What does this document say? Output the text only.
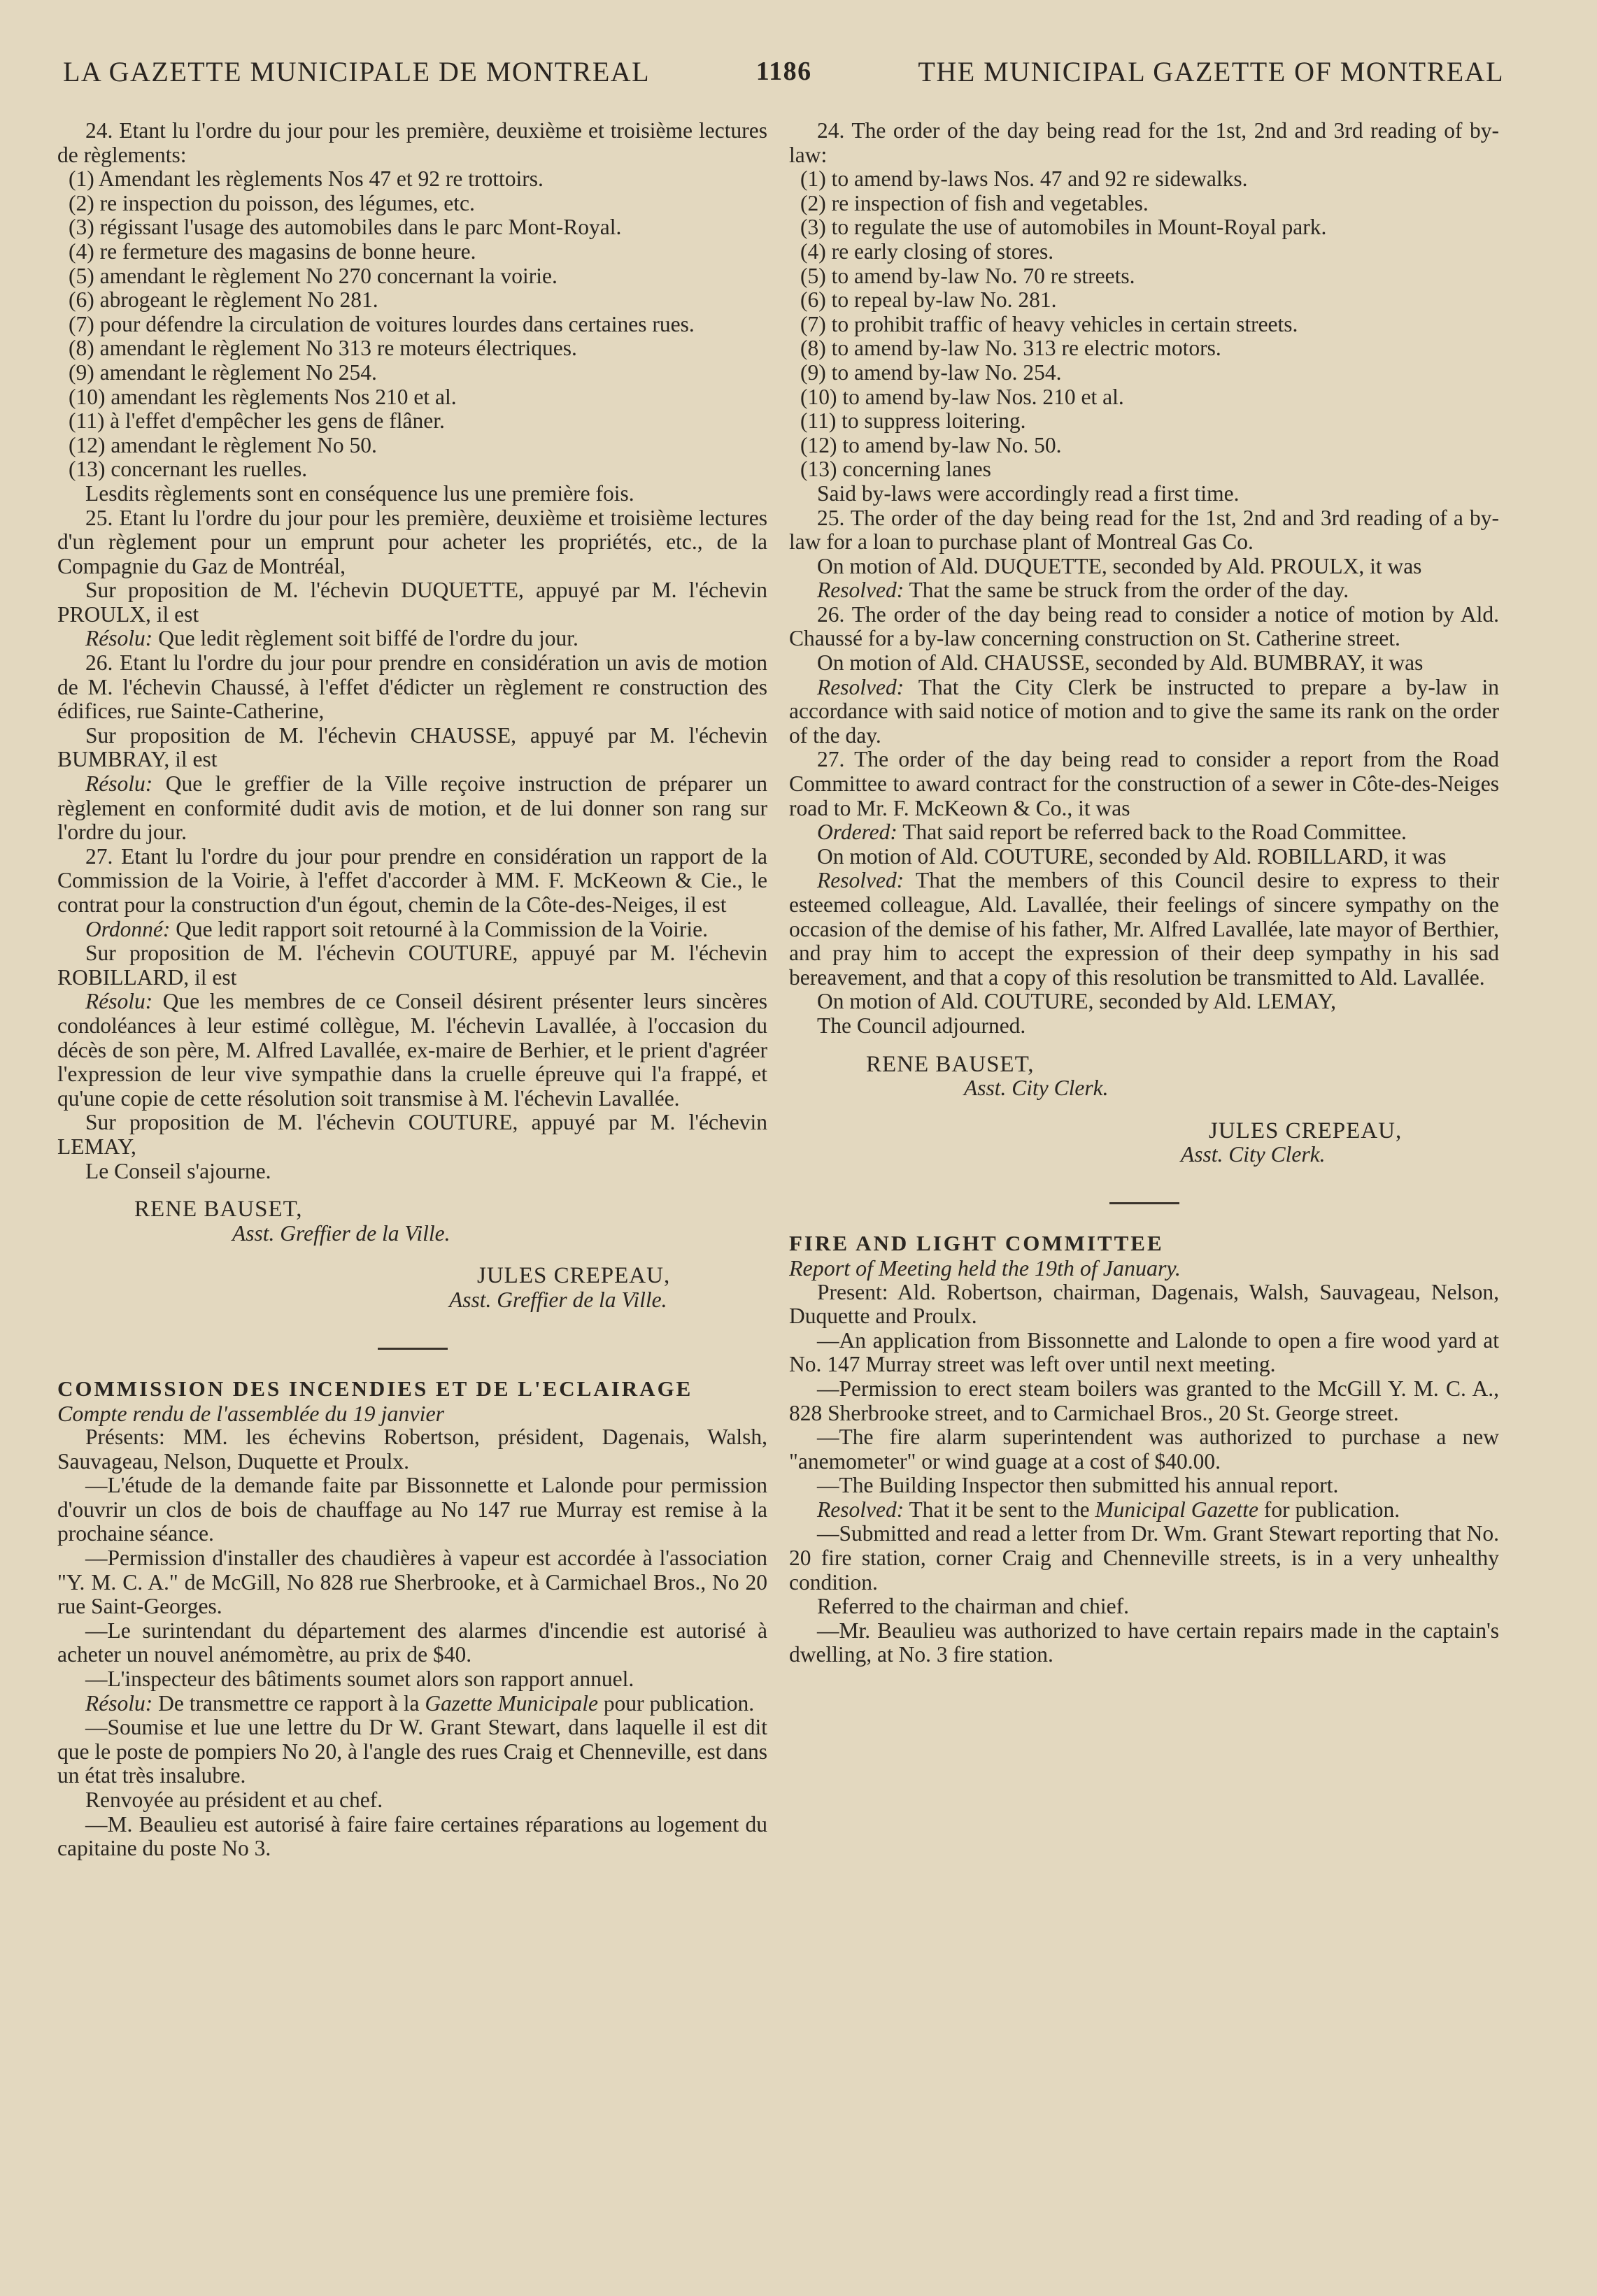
LA GAZETTE MUNICIPALE DE MONTREAL	1186	THE MUNICIPAL GAZETTE OF MONTREAL

24. Etant lu l'ordre du jour pour les première, deuxième et troisième lectures de règlements:

(1) Amendant les règlements Nos 47 et 92 re trottoirs.

(2) re inspection du poisson, des légumes, etc.

(3) régissant l'usage des automobiles dans le parc Mont-Royal.

(4) re fermeture des magasins de bonne heure.

(5) amendant le règlement No 270 concernant la voirie.

(6) abrogeant le règlement No 281.

(7) pour défendre la circulation de voitures lourdes dans certaines rues.

(8) amendant le règlement No 313 re moteurs électriques.

(9) amendant le règlement No 254.

(10) amendant les règlements Nos 210 et al.

(11) à l'effet d'empêcher les gens de flâner.

(12) amendant le règlement No 50.

(13) concernant les ruelles.

Lesdits règlements sont en conséquence lus une première fois.

25. Etant lu l'ordre du jour pour les première, deuxième et troisième lectures d'un règlement pour un emprunt pour acheter les propriétés, etc., de la Compagnie du Gaz de Montréal,

Sur proposition de M. l'échevin DUQUETTE, appuyé par M. l'échevin PROULX, il est

Résolu: Que ledit règlement soit biffé de l'ordre du jour.

26. Etant lu l'ordre du jour pour prendre en considération un avis de motion de M. l'échevin Chaussé, à l'effet d'édicter un règlement re construction des édifices, rue Sainte-Catherine,

Sur proposition de M. l'échevin CHAUSSE, appuyé par M. l'échevin BUMBRAY, il est

Résolu: Que le greffier de la Ville reçoive instruction de préparer un règlement en conformité dudit avis de motion, et de lui donner son rang sur l'ordre du jour.

27. Etant lu l'ordre du jour pour prendre en considération un rapport de la Commission de la Voirie, à l'effet d'accorder à MM. F. McKeown & Cie., le contrat pour la construction d'un égout, chemin de la Côte-des-Neiges, il est

Ordonné: Que ledit rapport soit retourné à la Commission de la Voirie.

Sur proposition de M. l'échevin COUTURE, appuyé par M. l'échevin ROBILLARD, il est

Résolu: Que les membres de ce Conseil désirent présenter leurs sincères condoléances à leur estimé collègue, M. l'échevin Lavallée, à l'occasion du décès de son père, M. Alfred Lavallée, ex-maire de Berhier, et le prient d'agréer l'expression de leur vive sympathie dans la cruelle épreuve qui l'a frappé, et qu'une copie de cette résolution soit transmise à M. l'échevin Lavallée.

Sur proposition de M. l'échevin COUTURE, appuyé par M. l'échevin LEMAY,

Le Conseil s'ajourne.

RENE BAUSET,

Asst. Greffier de la Ville.

JULES CREPEAU,

Asst. Greffier de la Ville.

COMMISSION DES INCENDIES ET DE L'ECLAIRAGE

Compte rendu de l'assemblée du 19 janvier

Présents: MM. les échevins Robertson, président, Dagenais, Walsh, Sauvageau, Nelson, Duquette et Proulx.

—L'étude de la demande faite par Bissonnette et Lalonde pour permission d'ouvrir un clos de bois de chauffage au No 147 rue Murray est remise à la prochaine séance.

—Permission d'installer des chaudières à vapeur est accordée à l'association "Y. M. C. A." de McGill, No 828 rue Sherbrooke, et à Carmichael Bros., No 20 rue Saint-Georges.

—Le surintendant du département des alarmes d'incendie est autorisé à acheter un nouvel anémomètre, au prix de $40.

—L'inspecteur des bâtiments soumet alors son rapport annuel.

Résolu: De transmettre ce rapport à la Gazette Municipale pour publication.

—Soumise et lue une lettre du Dr W. Grant Stewart, dans laquelle il est dit que le poste de pompiers No 20, à l'angle des rues Craig et Chenneville, est dans un état très insalubre.

Renvoyée au président et au chef.

—M. Beaulieu est autorisé à faire faire certaines réparations au logement du capitaine du poste No 3.

24. The order of the day being read for the 1st, 2nd and 3rd reading of by-law:

(1) to amend by-laws Nos. 47 and 92 re sidewalks.

(2) re inspection of fish and vegetables.

(3) to regulate the use of automobiles in Mount-Royal park.

(4) re early closing of stores.

(5) to amend by-law No. 70 re streets.

(6) to repeal by-law No. 281.

(7) to prohibit traffic of heavy vehicles in certain streets.

(8) to amend by-law No. 313 re electric motors.

(9) to amend by-law No. 254.

(10) to amend by-law Nos. 210 et al.

(11) to suppress loitering.

(12) to amend by-law No. 50.

(13) concerning lanes

Said by-laws were accordingly read a first time.

25. The order of the day being read for the 1st, 2nd and 3rd reading of a by-law for a loan to purchase plant of Montreal Gas Co.

On motion of Ald. DUQUETTE, seconded by Ald. PROULX, it was

Resolved: That the same be struck from the order of the day.

26. The order of the day being read to consider a notice of motion by Ald. Chaussé for a by-law concerning construction on St. Catherine street.

On motion of Ald. CHAUSSE, seconded by Ald. BUMBRAY, it was

Resolved: That the City Clerk be instructed to prepare a by-law in accordance with said notice of motion and to give the same its rank on the order of the day.

27. The order of the day being read to consider a report from the Road Committee to award contract for the construction of a sewer in Côte-des-Neiges road to Mr. F. McKeown & Co., it was

Ordered: That said report be referred back to the Road Committee.

On motion of Ald. COUTURE, seconded by Ald. ROBILLARD, it was

Resolved: That the members of this Council desire to express to their esteemed colleague, Ald. Lavallée, their feelings of sincere sympathy on the occasion of the demise of his father, Mr. Alfred Lavallée, late mayor of Berthier, and pray him to accept the expression of their deep sympathy in his sad bereavement, and that a copy of this resolution be transmitted to Ald. Lavallée.

On motion of Ald. COUTURE, seconded by Ald. LEMAY,

The Council adjourned.

RENE BAUSET,

Asst. City Clerk.

JULES CREPEAU,

Asst. City Clerk.

FIRE AND LIGHT COMMITTEE

Report of Meeting held the 19th of January.

Present: Ald. Robertson, chairman, Dagenais, Walsh, Sauvageau, Nelson, Duquette and Proulx.

—An application from Bissonnette and Lalonde to open a fire wood yard at No. 147 Murray street was left over until next meeting.

—Permission to erect steam boilers was granted to the McGill Y. M. C. A., 828 Sherbrooke street, and to Carmichael Bros., 20 St. George street.

—The fire alarm superintendent was authorized to purchase a new "anemometer" or wind guage at a cost of $40.00.

—The Building Inspector then submitted his annual report.

Resolved: That it be sent to the Municipal Gazette for publication.

—Submitted and read a letter from Dr. Wm. Grant Stewart reporting that No. 20 fire station, corner Craig and Chenneville streets, is in a very unhealthy condition.

Referred to the chairman and chief.

—Mr. Beaulieu was authorized to have certain repairs made in the captain's dwelling, at No. 3 fire station.
